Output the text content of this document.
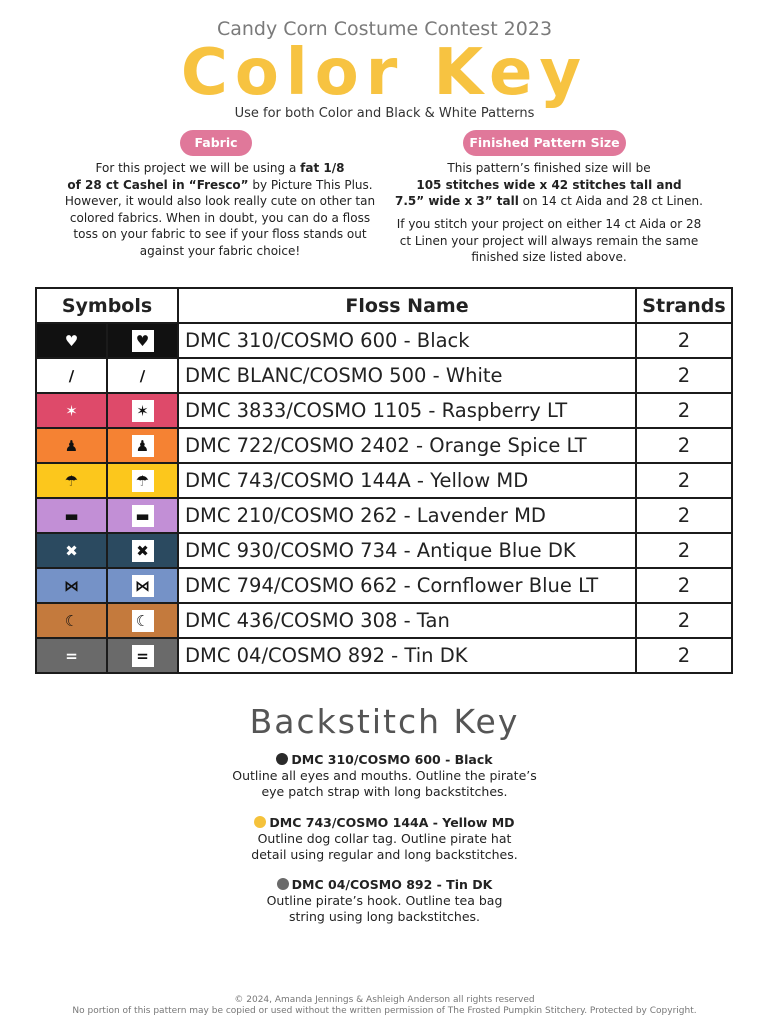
Candy Corn Costume Contest 2023
Color Key
Use for both Color and Black & White Patterns
Fabric	Finished Pattern Size
For this project we will be using a fat 1/8
of 28 ct Cashel in “Fresco” by Picture This Plus.
However, it would also look really cute on other tan colored fabrics. When in doubt, you can do a floss toss on your fabric to see if your floss stands out against your fabric choice!
This pattern’s finished size will be
105 stitches wide x 42 stitches tall and
7.5” wide x 3” tall on 14 ct Aida and 28 ct Linen.
If you stitch your project on either 14 ct Aida or 28 ct Linen your project will always remain the same finished size listed above.
Symbols		Floss Name	Strands
♥	♥	DMC 310/COSMO 600 - Black	2
∕	∕	DMC BLANC/COSMO 500 - White	2
✶	✶	DMC 3833/COSMO 1105 - Raspberry LT	2
♟	♟	DMC 722/COSMO 2402 - Orange Spice LT	2
☂	☂	DMC 743/COSMO 144A - Yellow MD	2
▬	▬	DMC 210/COSMO 262 - Lavender MD	2
✖	✖	DMC 930/COSMO 734 - Antique Blue DK	2
⋈	⋈	DMC 794/COSMO 662 - Cornflower Blue LT	2
☾	☾	DMC 436/COSMO 308 - Tan	2
=	=	DMC 04/COSMO 892 - Tin DK	2
Backstitch Key
DMC 310/COSMO 600 - Black
Outline all eyes and mouths. Outline the pirate’s
eye patch strap with long backstitches.
DMC 743/COSMO 144A - Yellow MD
Outline dog collar tag. Outline pirate hat
detail using regular and long backstitches.
DMC 04/COSMO 892 - Tin DK
Outline pirate’s hook. Outline tea bag
string using long backstitches.
© 2024, Amanda Jennings & Ashleigh Anderson all rights reserved
No portion of this pattern may be copied or used without the written permission of The Frosted Pumpkin Stitchery. Protected by Copyright.
